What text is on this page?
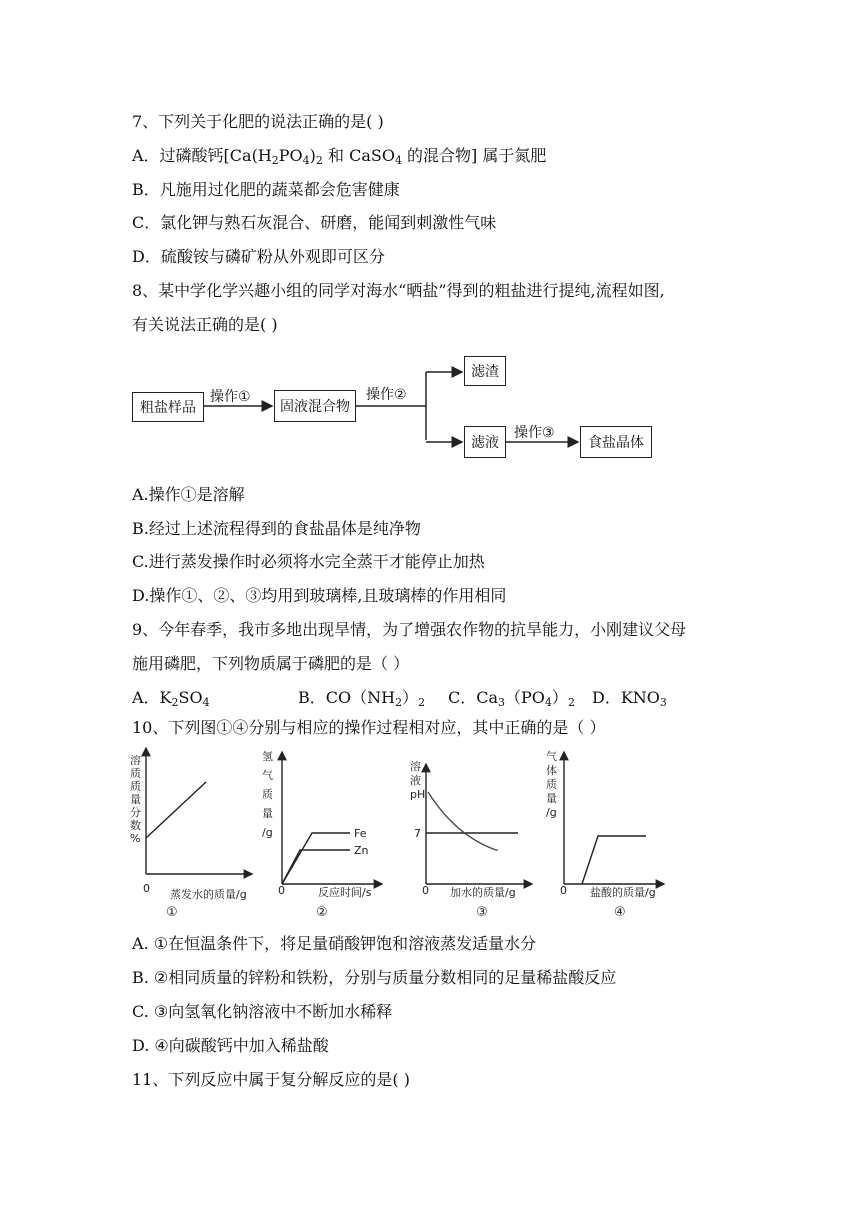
7、下列关于化肥的说法正确的是( )
A．过磷酸钙[$Ca(H_2PO_4)_2$ 和 CaSO$_4$ 的混合物] 属于氮肥
B．凡施用过化肥的蔬菜都会危害健康
C．氯化钾与熟石灰混合、研磨，能闻到刺激性气味
D．硫酸铵与磷矿粉从外观即可区分
8、某中学化学兴趣小组的同学对海水“晒盐”得到的粗盐进行提纯,流程如图,
有关说法正确的是( )
粗盐样品	固液混合物
滤渣
滤液	食盐晶体
操作①	操作②
操作③
A.操作①是溶解
B.经过上述流程得到的食盐晶体是纯净物
C.进行蒸发操作时必须将水完全蒸干才能停止加热
D.操作①、②、③均用到玻璃棒,且玻璃棒的作用相同
9、今年春季，我市多地出现旱情，为了增强农作物的抗旱能力，小刚建议父母
施用磷肥，下列物质属于磷肥的是（ ）
A．$K_2SO_4$	B．$CO(NH_2)_2$ C．$Ca_3(PO_4)_2$ D．$KNO_3$
10、下列图①④分别与相应的操作过程相对应，其中正确的是（ ）
溶
质
质
量
分
数
%
0 蒸发水的质量/g
①
Fe
Zn
氢
气
质
量
/g
0	反应时间/s
②
7
溶
液
pH
0 加水的质量/g
③
气
体
质
量
/g
0 盐酸的质量/g
④
A. ①在恒温条件下，将足量硝酸钾饱和溶液蒸发适量水分
B. ②相同质量的锌粉和铁粉，分别与质量分数相同的足量稀盐酸反应
C. ③向氢氧化钠溶液中不断加水稀释
D. ④向碳酸钙中加入稀盐酸
11、下列反应中属于复分解反应的是( )
